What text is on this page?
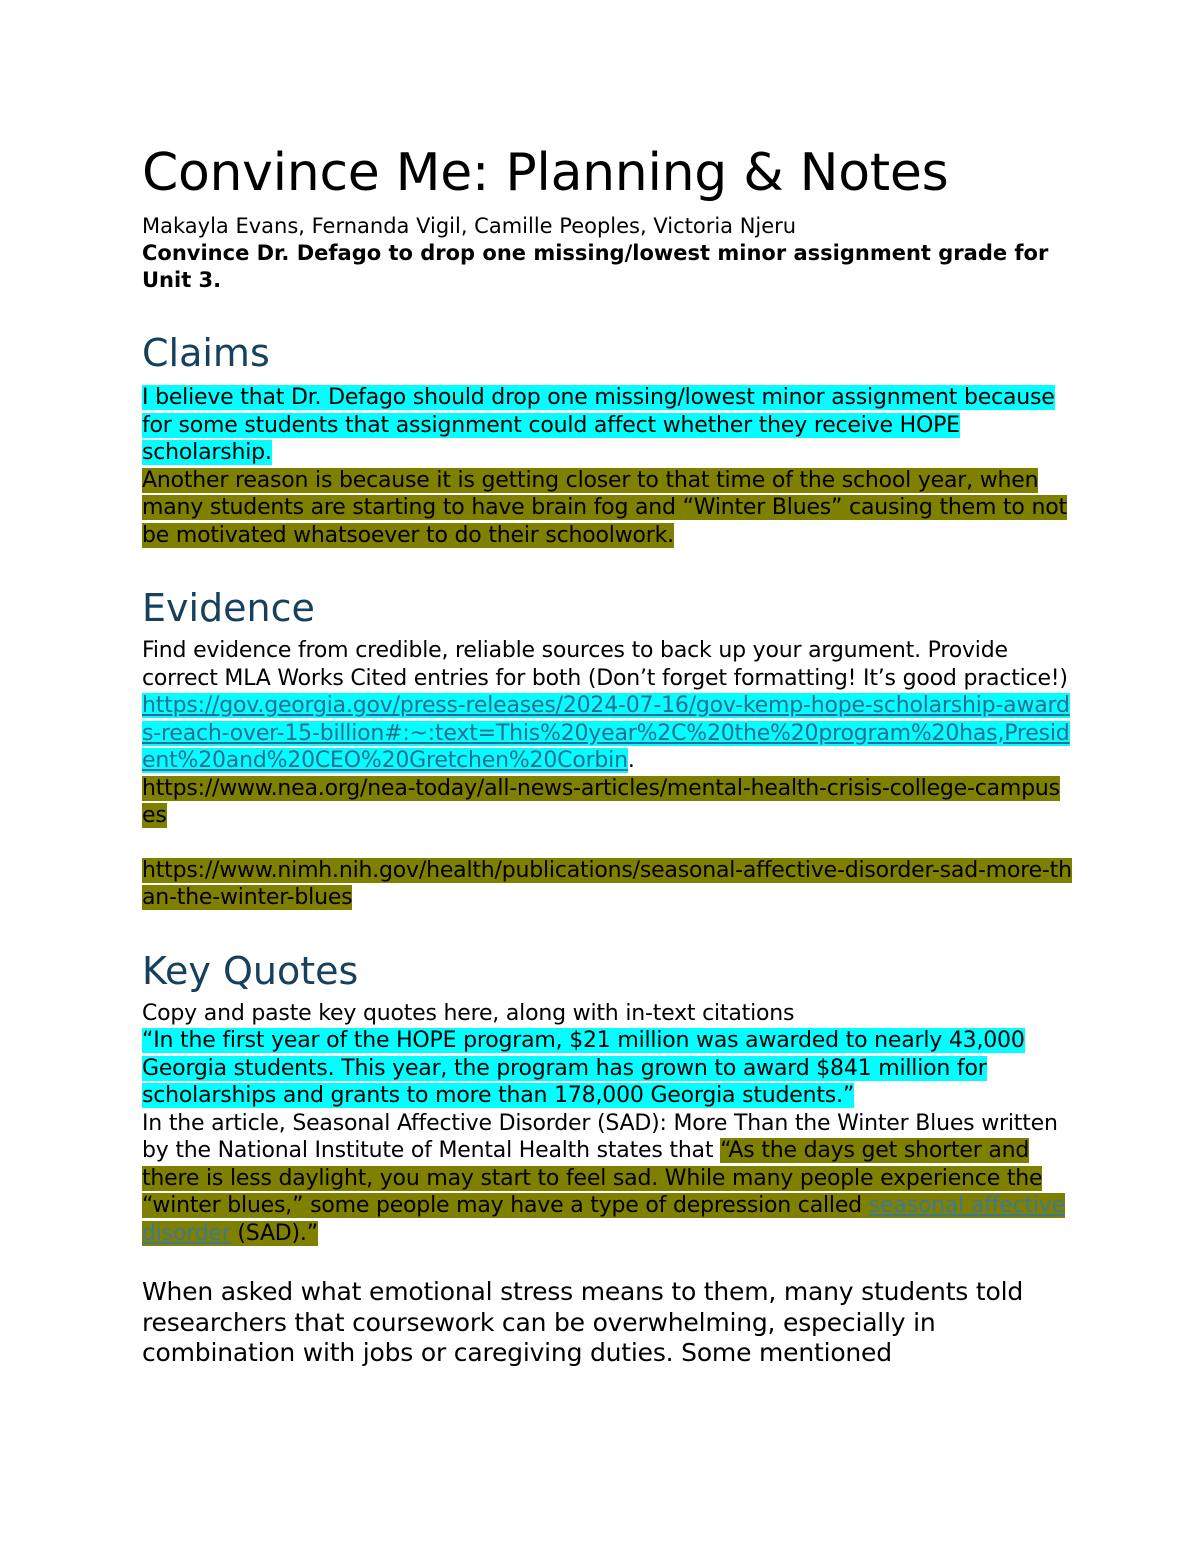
Convince Me: Planning & Notes

Makayla Evans, Fernanda Vigil, Camille Peoples, Victoria Njeru

Convince Dr. Defago to drop one missing/lowest minor assignment grade for Unit 3.

Claims

I believe that Dr. Defago should drop one missing/lowest minor assignment because for some students that assignment could affect whether they receive HOPE scholarship.
Another reason is because it is getting closer to that time of the school year, when many students are starting to have brain fog and “Winter Blues” causing them to not be motivated whatsoever to do their schoolwork.

Evidence

Find evidence from credible, reliable sources to back up your argument. Provide correct MLA Works Cited entries for both (Don’t forget formatting! It’s good practice!)

https://gov.georgia.gov/press-releases/2024-07-16/gov-kemp-hope-scholarship-awards-reach-over-15-billion#:~:text=This%20year%2C%20the%20program%20has,President%20and%20CEO%20Gretchen%20Corbin.

https://www.nea.org/nea-today/all-news-articles/mental-health-crisis-college-campuses

https://www.nimh.nih.gov/health/publications/seasonal-affective-disorder-sad-more-than-the-winter-blues

Key Quotes

Copy and paste key quotes here, along with in-text citations

“In the first year of the HOPE program, $21 million was awarded to nearly 43,000 Georgia students. This year, the program has grown to award $841 million for scholarships and grants to more than 178,000 Georgia students.”

In the article, Seasonal Affective Disorder (SAD): More Than the Winter Blues written by the National Institute of Mental Health states that “As the days get shorter and there is less daylight, you may start to feel sad. While many people experience the “winter blues,” some people may have a type of depression called seasonal affective disorder (SAD).”

When asked what emotional stress means to them, many students told researchers that coursework can be overwhelming, especially in combination with jobs or caregiving duties. Some mentioned
